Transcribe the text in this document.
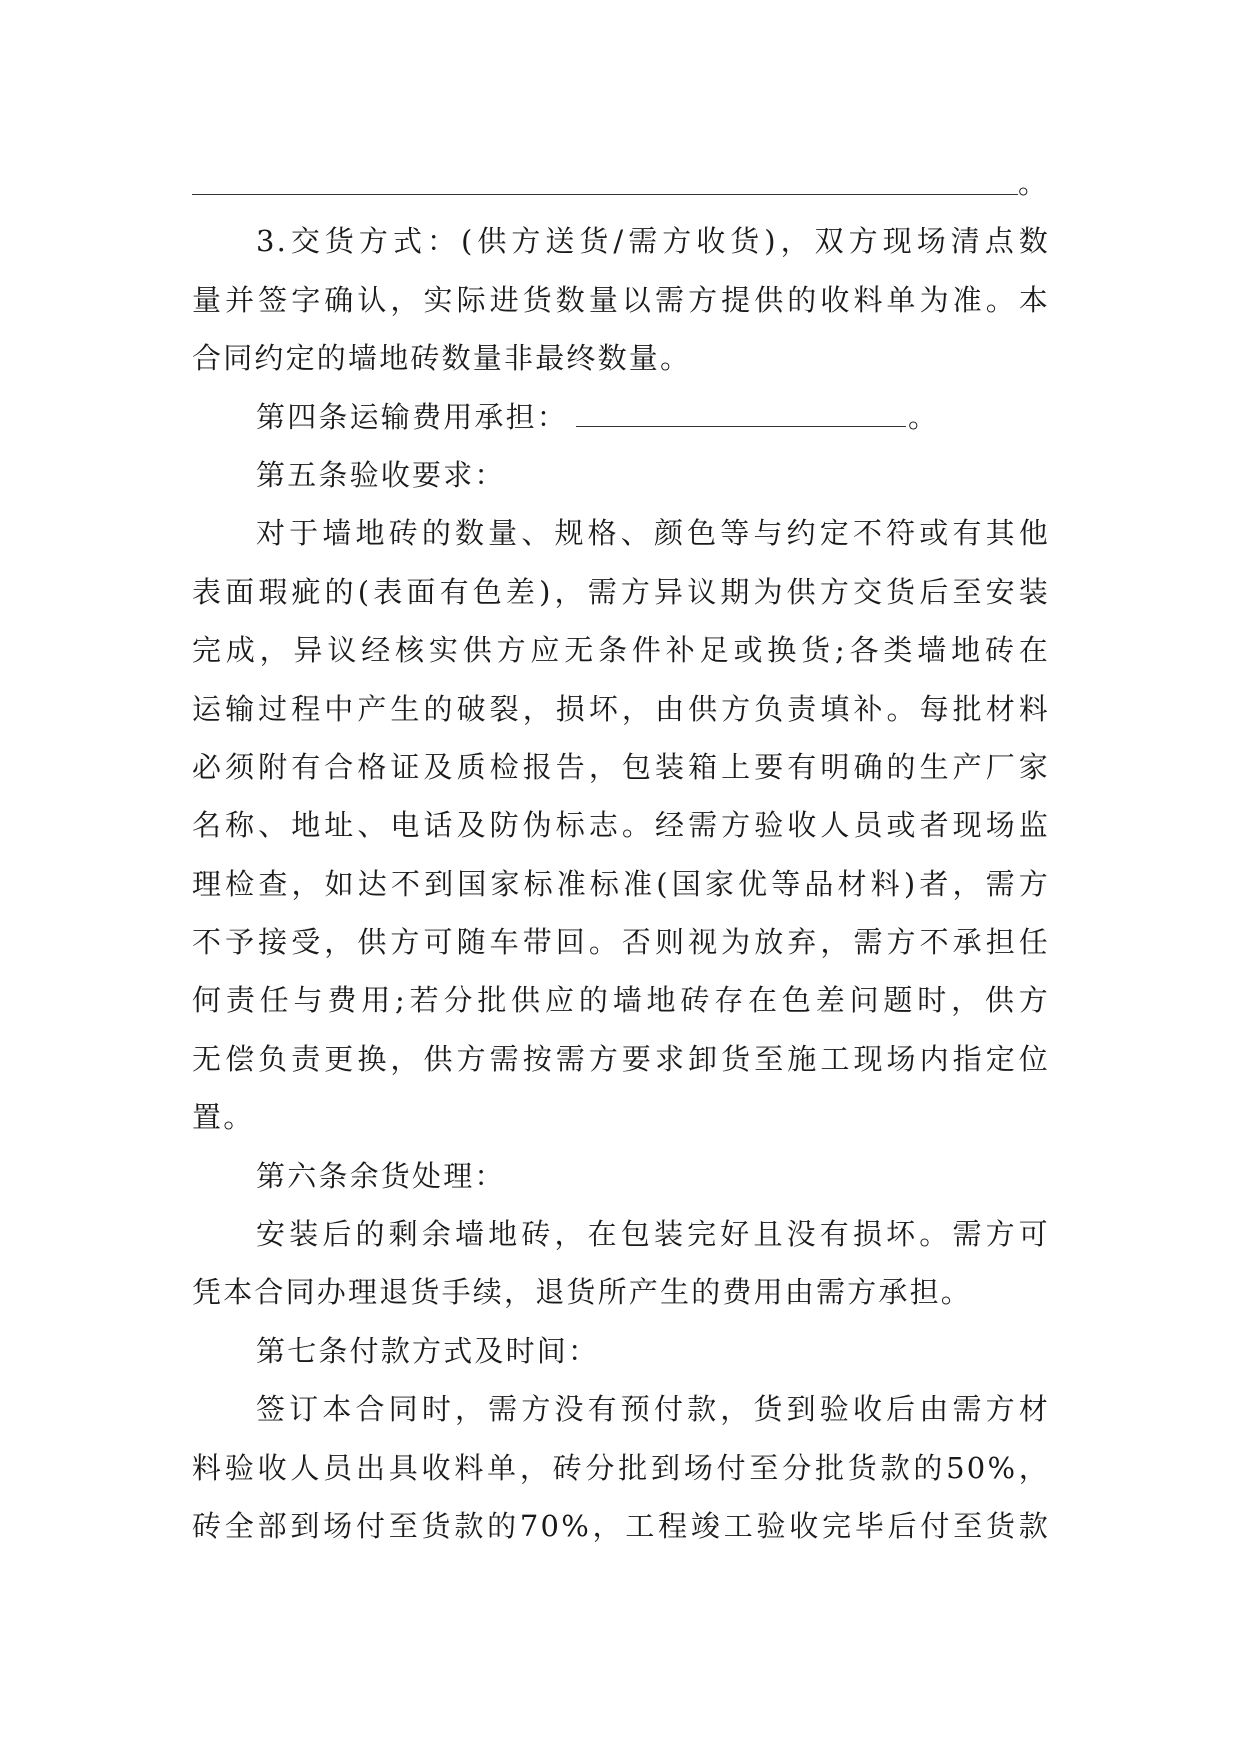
。
3.交货方式：(供方送货/需方收货)，双方现场清点数
量并签字确认，实际进货数量以需方提供的收料单为准。本
合同约定的墙地砖数量非最终数量。
第四条运输费用承担：	。
第五条验收要求：
对于墙地砖的数量、规格、颜色等与约定不符或有其他
表面瑕疵的(表面有色差)，需方异议期为供方交货后至安装
完成，异议经核实供方应无条件补足或换货;各类墙地砖在
运输过程中产生的破裂，损坏，由供方负责填补。每批材料
必须附有合格证及质检报告，包装箱上要有明确的生产厂家
名称、地址、电话及防伪标志。经需方验收人员或者现场监
理检查，如达不到国家标准标准(国家优等品材料)者，需方
不予接受，供方可随车带回。否则视为放弃，需方不承担任
何责任与费用;若分批供应的墙地砖存在色差问题时，供方
无偿负责更换，供方需按需方要求卸货至施工现场内指定位
置。
第六条余货处理：
安装后的剩余墙地砖，在包装完好且没有损坏。需方可
凭本合同办理退货手续，退货所产生的费用由需方承担。
第七条付款方式及时间：
签订本合同时，需方没有预付款，货到验收后由需方材
料验收人员出具收料单，砖分批到场付至分批货款的50%，
砖全部到场付至货款的70%，工程竣工验收完毕后付至货款
